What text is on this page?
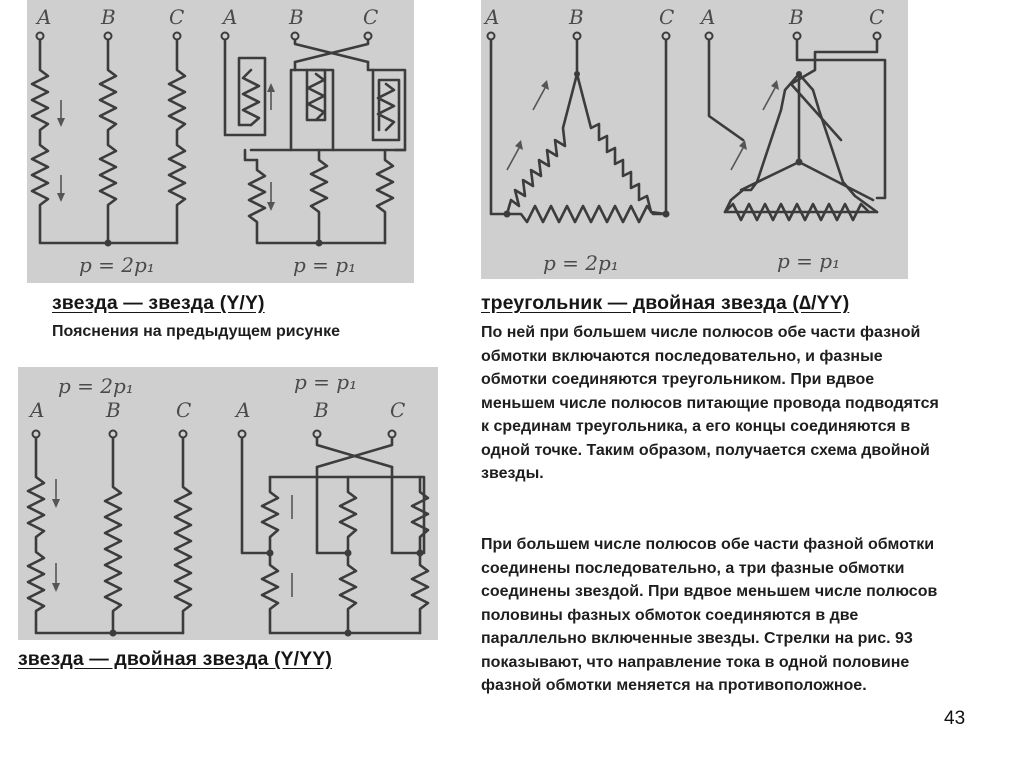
A B	C A	B	C
p = 2p₁	p = p₁
A	B	C A	B	C
p = 2p₁	p = p₁
звезда — звезда (Y/Y)
Пояснения на предыдущем рисунке
треугольник — двойная звезда (∆/YY)
По ней при большем числе полюсов обе части фазной обмотки включаются последовательно, и фазные обмотки соединяются треугольником. При вдвое меньшем числе полюсов питающие провода подводятся к срединам треугольника, а его концы соединяются в одной точке. Таким образом, получается схема двойной звезды.
p = 2p₁	p = p₁
A	B	C A	B	C
При большем числе полюсов обе части фазной обмотки соединены последовательно, а три фазные обмотки соединены звездой. При вдвое меньшем числе полюсов половины фазных обмоток соединяются в две параллельно включенные звезды. Стрелки на рис. 93 показывают, что направление тока в одной половине фазной обмотки меняется на противоположное.
звезда — двойная звезда (Y/YY)
43
